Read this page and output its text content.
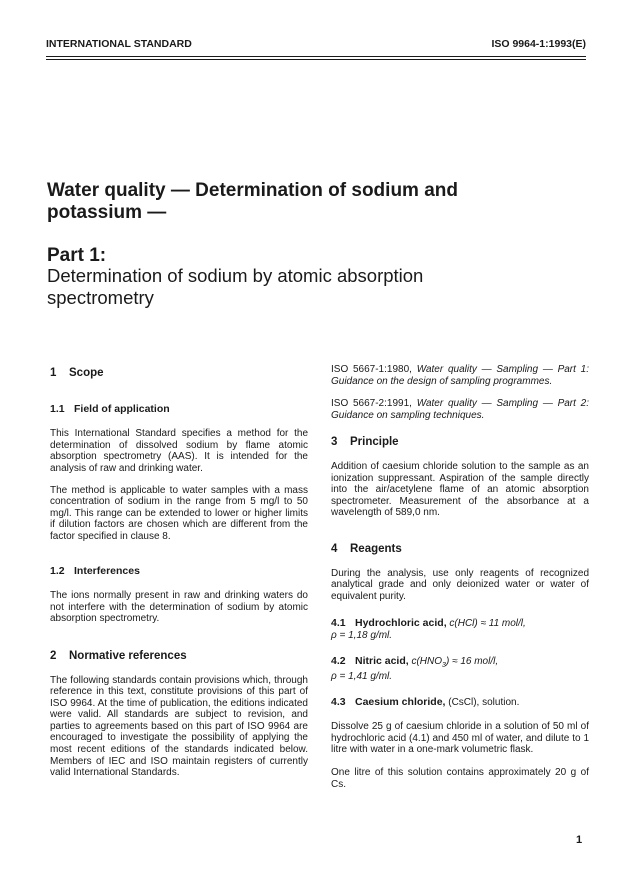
INTERNATIONAL STANDARD	ISO 9964-1:1993(E)
Water quality — Determination of sodium and
potassium —
Part 1:
Determination of sodium by atomic absorption
spectrometry
1 Scope
1.1 Field of application

This International Standard specifies a method for the determination of dissolved sodium by flame atomic absorption spectrometry (AAS). It is intended for the analysis of raw and drinking water.

The method is applicable to water samples with a mass concentration of sodium in the range from 5 mg/l to 50 mg/l. This range can be extended to lower or higher limits if dilution factors are chosen which are different from the factor specified in clause 8.

1.2 Interferences

The ions normally present in raw and drinking waters do not interfere with the determination of sodium by atomic absorption spectrometry.

2 Normative references

The following standards contain provisions which, through reference in this text, constitute provisions of this part of ISO 9964. At the time of publication, the editions indicated were valid. All standards are subject to revision, and parties to agreements based on this part of ISO 9964 are encouraged to investigate the possibility of applying the most recent editions of the standards indicated below. Members of IEC and ISO maintain registers of currently valid International Standards.

ISO 5667-1:1980, Water quality — Sampling — Part 1: Guidance on the design of sampling programmes.

ISO 5667-2:1991, Water quality — Sampling — Part 2: Guidance on sampling techniques.

3 Principle

Addition of caesium chloride solution to the sample as an ionization suppressant. Aspiration of the sample directly into the air/acetylene flame of an atomic absorption spectrometer. Measurement of the absorbance at a wavelength of 589,0 nm.

4 Reagents

During the analysis, use only reagents of recognized analytical grade and only deionized water or water of equivalent purity.

4.1 Hydrochloric acid, c(HCl) ≈ 11 mol/l,
ρ = 1,18 g/ml.
4.2 Nitric acid, $c(HNO_3) \approx 16$ mol/l,
ρ = 1,41 g/ml.
4.3 Caesium chloride, (CsCl), solution.

Dissolve 25 g of caesium chloride in a solution of 50 ml of hydrochloric acid (4.1) and 450 ml of water, and dilute to 1 litre with water in a one-mark volumetric flask.

One litre of this solution contains approximately 20 g of Cs.

1
